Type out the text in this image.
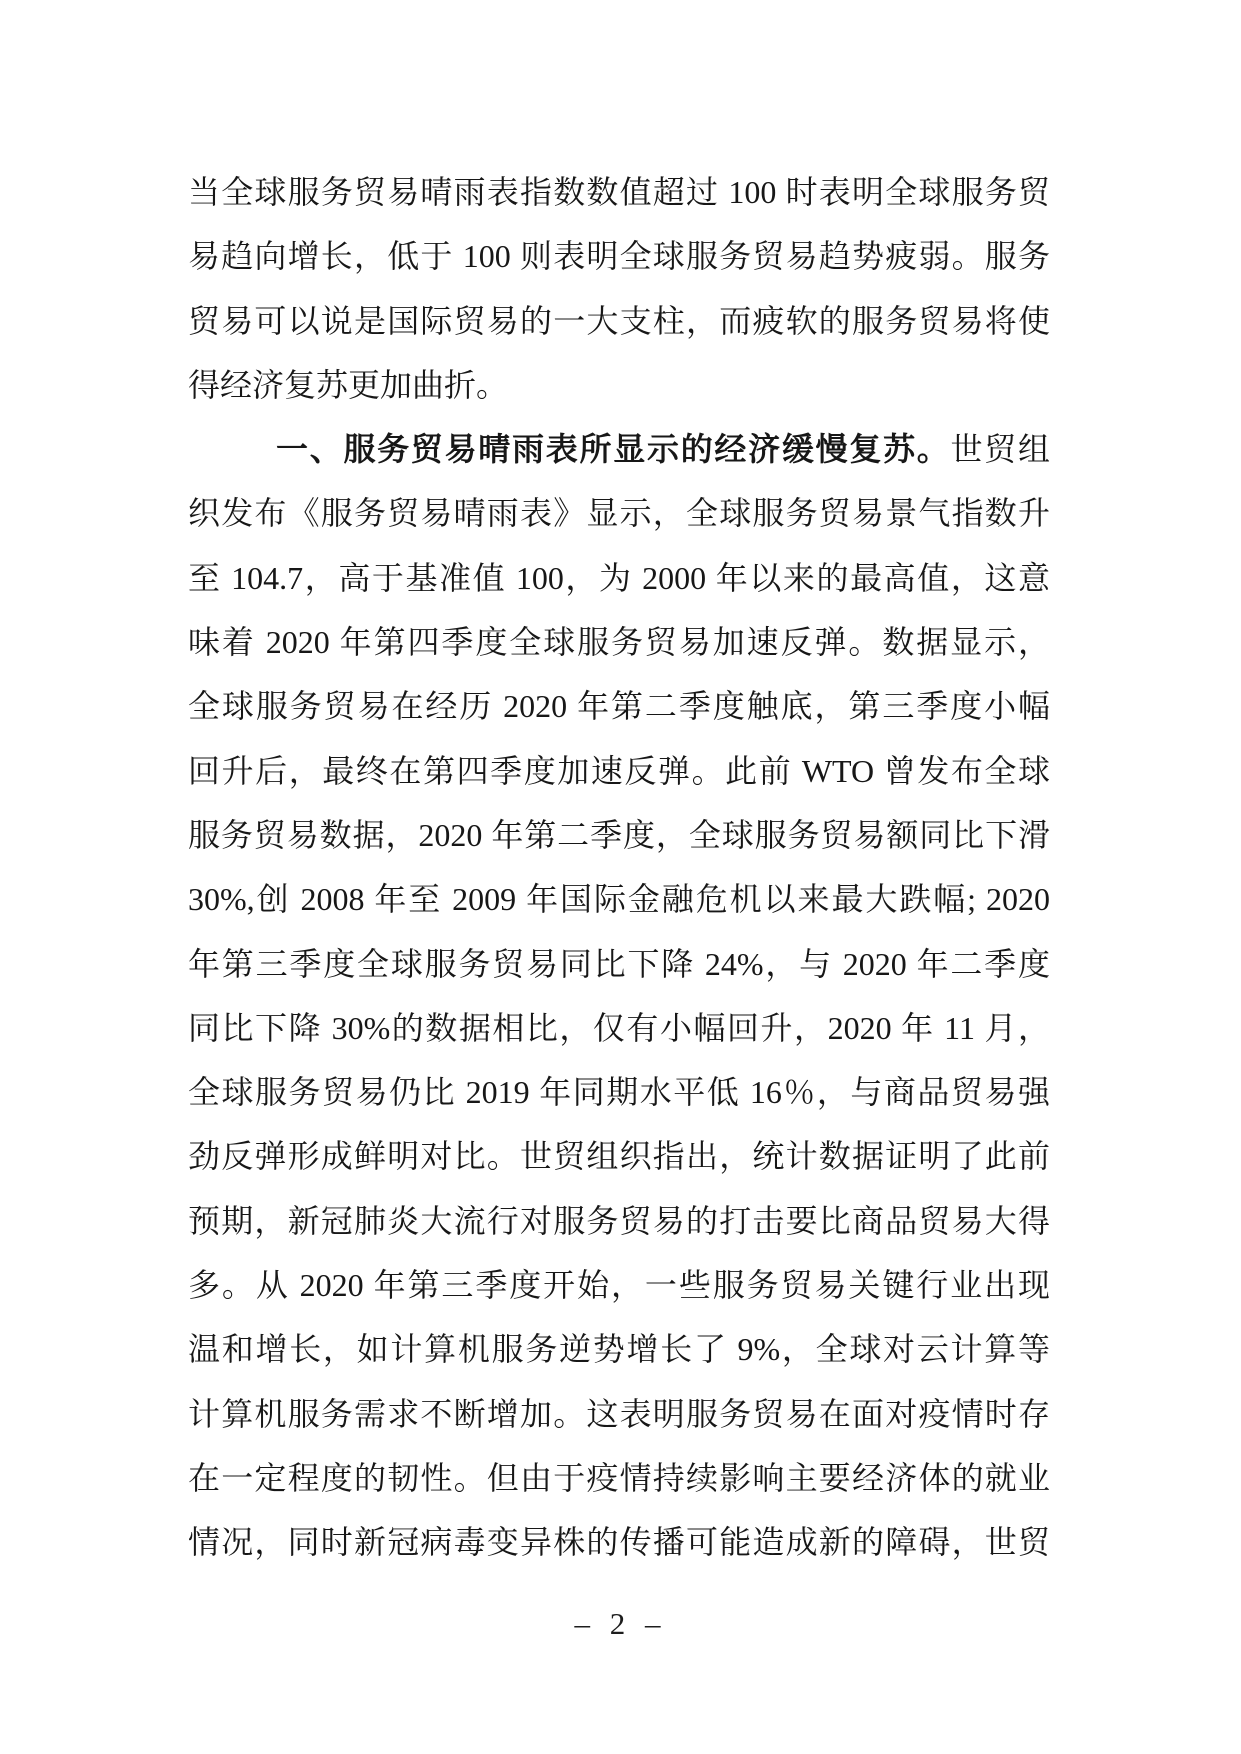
当全球服务贸易晴雨表指数数值超过 100 时表明全球服务贸
易趋向增长，低于 100 则表明全球服务贸易趋势疲弱。服务
贸易可以说是国际贸易的一大支柱，而疲软的服务贸易将使
得经济复苏更加曲折。
一、服务贸易晴雨表所显示的经济缓慢复苏。世贸组
织发布《服务贸易晴雨表》显示，全球服务贸易景气指数升
至 104.7，高于基准值 100，为 2000 年以来的最高值，这意
味着 2020 年第四季度全球服务贸易加速反弹。数据显示，
全球服务贸易在经历 2020 年第二季度触底，第三季度小幅
回升后，最终在第四季度加速反弹。此前 WTO 曾发布全球
服务贸易数据，2020 年第二季度，全球服务贸易额同比下滑
30%,创 2008 年至 2009 年国际金融危机以来最大跌幅; 2020
年第三季度全球服务贸易同比下降 24%，与 2020 年二季度
同比下降 30%的数据相比，仅有小幅回升，2020 年 11 月，
全球服务贸易仍比 2019 年同期水平低 16％，与商品贸易强
劲反弹形成鲜明对比。世贸组织指出，统计数据证明了此前
预期，新冠肺炎大流行对服务贸易的打击要比商品贸易大得
多。从 2020 年第三季度开始，一些服务贸易关键行业出现
温和增长，如计算机服务逆势增长了 9%，全球对云计算等
计算机服务需求不断增加。这表明服务贸易在面对疫情时存
在一定程度的韧性。但由于疫情持续影响主要经济体的就业
情况，同时新冠病毒变异株的传播可能造成新的障碍，世贸
– 2 –
